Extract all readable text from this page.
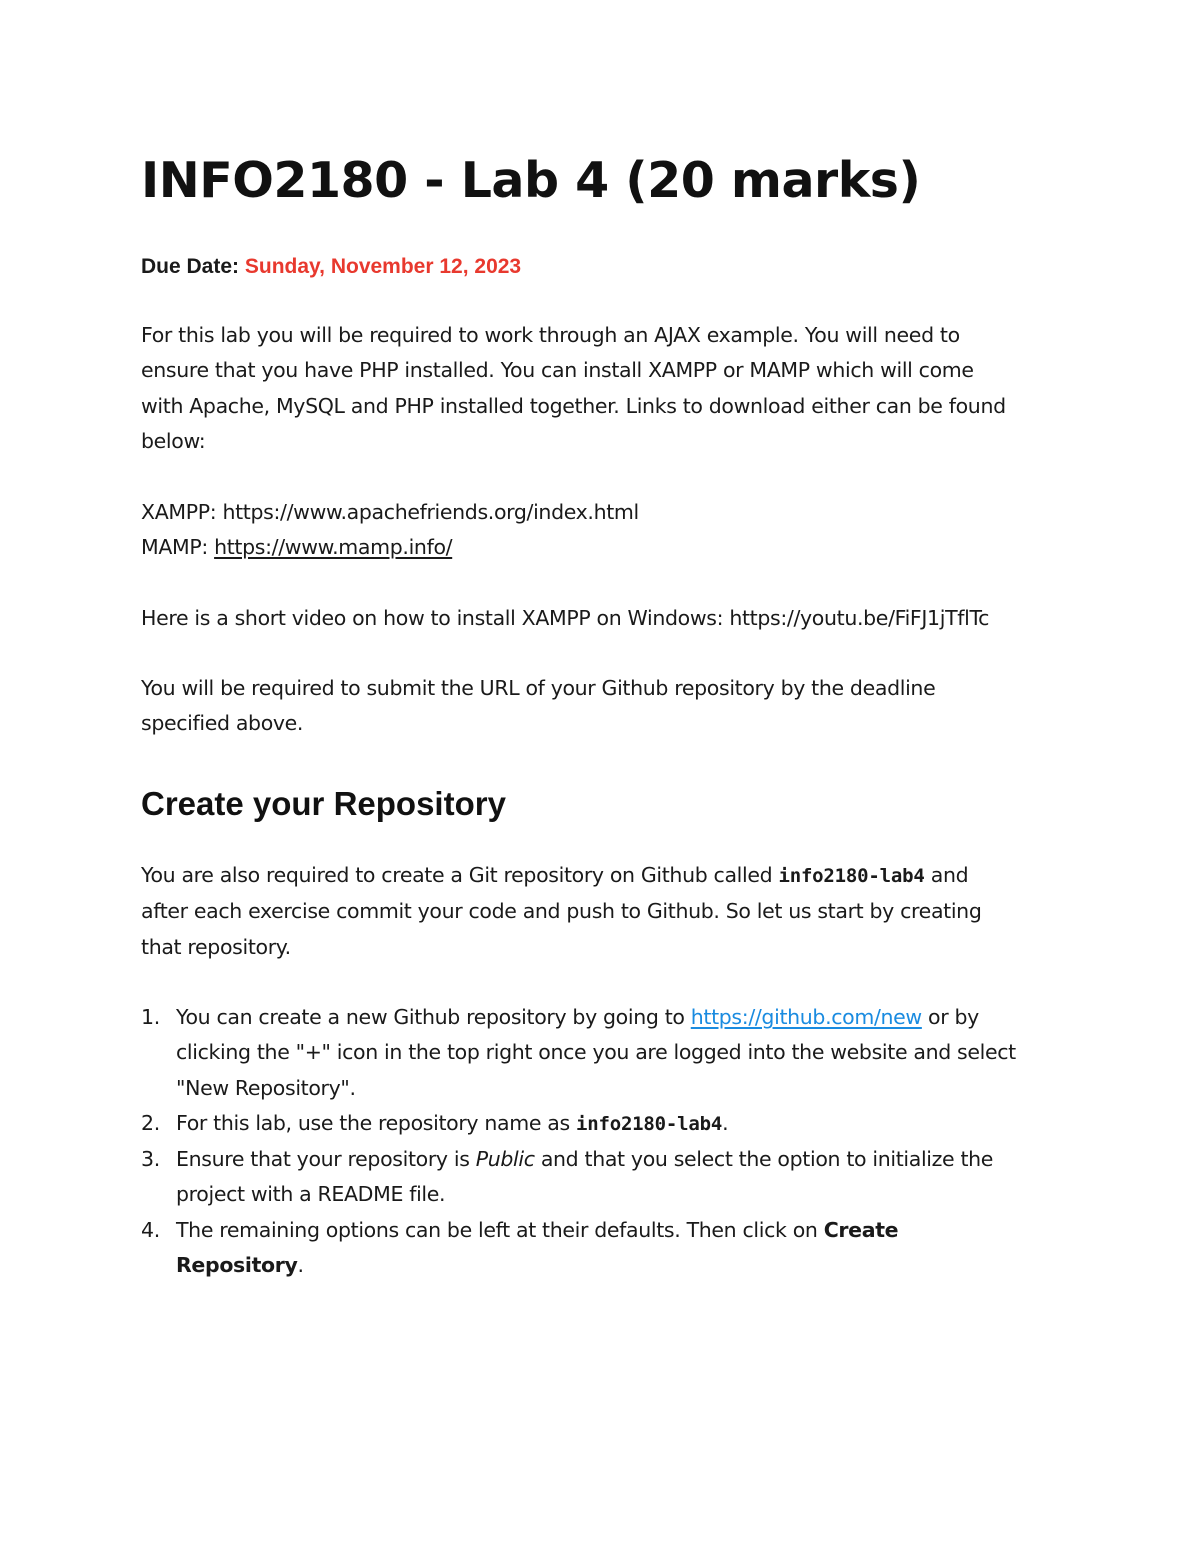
INFO2180 - Lab 4 (20 marks)
Due Date: Sunday, November 12, 2023

For this lab you will be required to work through an AJAX example. You will need to
ensure that you have PHP installed. You can install XAMPP or MAMP which will come
with Apache, MySQL and PHP installed together. Links to download either can be found
below:

XAMPP: https://www.apachefriends.org/index.html
MAMP: https://www.mamp.info/

Here is a short video on how to install XAMPP on Windows: https://youtu.be/FiFJ1jTflTc

You will be required to submit the URL of your Github repository by the deadline
specified above.

Create your Repository

You are also required to create a Git repository on Github called info2180-lab4 and
after each exercise commit your code and push to Github. So let us start by creating
that repository.

1. You can create a new Github repository by going to https://github.com/new or by
clicking the "+" icon in the top right once you are logged into the website and select
"New Repository".
2. For this lab, use the repository name as info2180-lab4.
3. Ensure that your repository is Public and that you select the option to initialize the
project with a README file.
4. The remaining options can be left at their defaults. Then click on Create
Repository.
